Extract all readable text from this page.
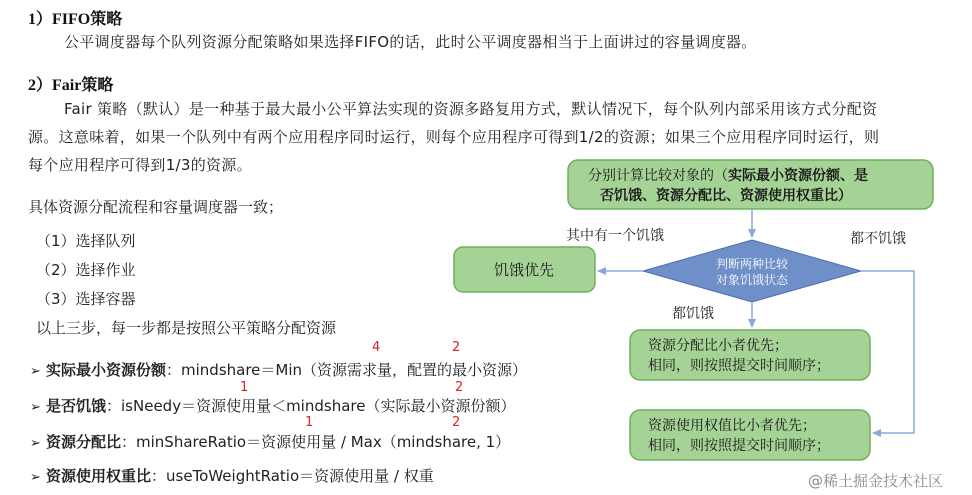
1）FIFO策略
公平调度器每个队列资源分配策略如果选择FIFO的话，此时公平调度器相当于上面讲过的容量调度器。
2）Fair策略
Fair 策略（默认）是一种基于最大最小公平算法实现的资源多路复用方式，默认情况下，每个队列内部采用该方式分配资
源。这意味着，如果一个队列中有两个应用程序同时运行，则每个应用程序可得到1/2的资源；如果三个应用程序同时运行，则
每个应用程序可得到1/3的资源。
具体资源分配流程和容量调度器一致；
（1）选择队列
（2）选择作业
（3）选择容器
以上三步，每一步都是按照公平策略分配资源
➢ 实际最小资源份额：mindshare＝Min（资源需求量，配置的最小资源）
➢ 是否饥饿：isNeedy＝资源使用量＜mindshare（实际最小资源份额）
➢ 资源分配比：minShareRatio＝资源使用量 / Max（mindshare, 1）
➢ 资源使用权重比：useToWeightRatio＝资源使用量 / 权重
4	2
1	2
1	2
分别计算比较对象的（实际最小资源份额、是
否饥饿、资源分配比、资源使用权重比）
判断两种比较
对象饥饿状态
饥饿优先
其中有一个饥饿
资源分配比小者优先；
相同，则按照提交时间顺序；
都饥饿
资源使用权值比小者优先；
相同，则按照提交时间顺序；
都不饥饿
@稀土掘金技术社区
